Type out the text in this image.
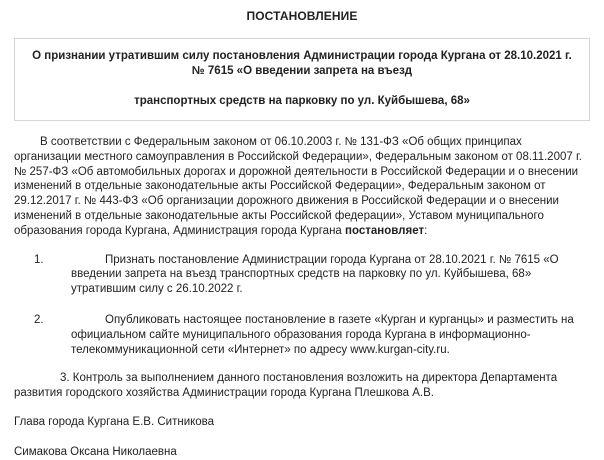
ПОСТАНОВЛЕНИЕ
О признании утратившим силу постановления Администрации города Кургана от 28.10.2021 г.
№ 7615 «О введении запрета на въезд
транспортных средств на парковку по ул. Куйбышева, 68»

В соответствии с Федеральным законом от 06.10.2003 г. № 131-ФЗ «Об общих принципах организации местного самоуправления в Российской Федерации», Федеральным законом от 08.11.2007 г. № 257-ФЗ «Об автомобильных дорогах и дорожной деятельности в Российской Федерации и о внесении изменений в отдельные законодательные акты Российской Федерации», Федеральным законом от 29.12.2017 г. № 443-ФЗ «Об организации дорожного движения в Российской Федерации и о внесении изменений в отдельные законодательные акты Российской федерации», Уставом муниципального образования города Кургана, Администрация города Кургана постановляет:

1.	Признать постановление Администрации города Кургана от 28.10.2021 г. № 7615 «О введении запрета на въезд транспортных средств на парковку по ул. Куйбышева, 68» утратившим силу с 26.10.2022 г.
2.	Опубликовать настоящее постановление в газете «Курган и курганцы» и разместить на официальном сайте муниципального образования города Кургана в информационно-телекоммуникационной сети «Интернет» по адресу www.kurgan-city.ru.

3. Контроль за выполнением данного постановления возложить на директора Департамента развития городского хозяйства Администрации города Кургана Плешкова А.В.

Глава города Кургана Е.В. Ситникова
Симакова Оксана Николаевна
